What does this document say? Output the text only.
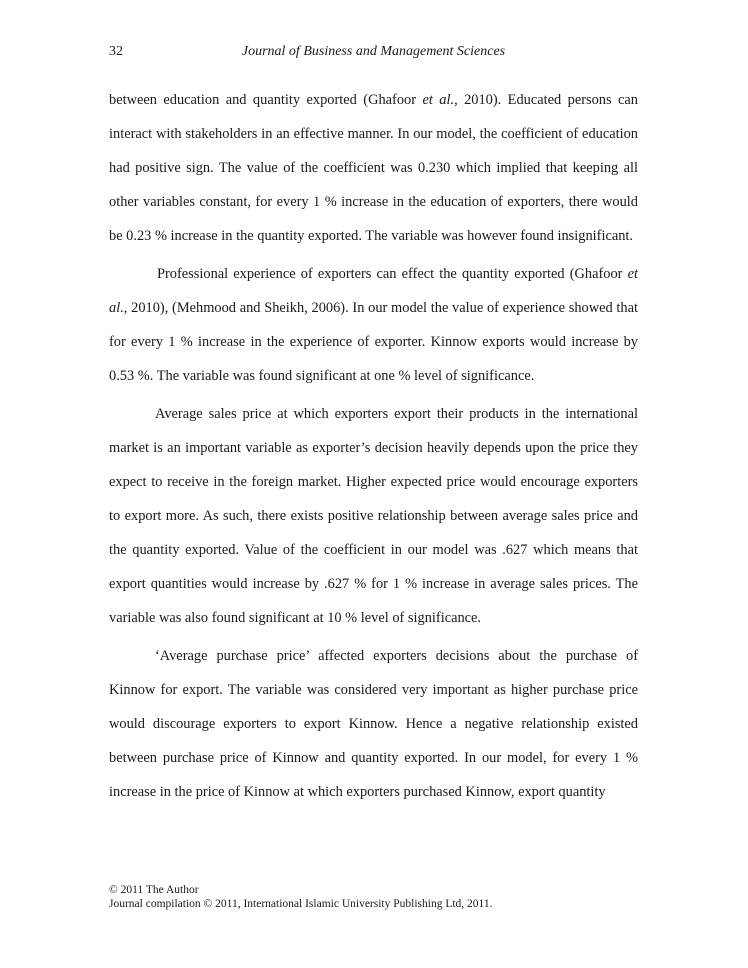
32	Journal of Business and Management Sciences

between education and quantity exported (Ghafoor et al., 2010). Educated persons can interact with stakeholders in an effective manner. In our model, the coefficient of education had positive sign. The value of the coefficient was 0.230 which implied that keeping all other variables constant, for every 1 % increase in the education of exporters, there would be 0.23 % increase in the quantity exported. The variable was however found insignificant.

Professional experience of exporters can effect the quantity exported (Ghafoor et al., 2010), (Mehmood and Sheikh, 2006). In our model the value of experience showed that for every 1 % increase in the experience of exporter. Kinnow exports would increase by 0.53 %. The variable was found significant at one % level of significance.

Average sales price at which exporters export their products in the international market is an important variable as exporter’s decision heavily depends upon the price they expect to receive in the foreign market. Higher expected price would encourage exporters to export more. As such, there exists positive relationship between average sales price and the quantity exported. Value of the coefficient in our model was .627 which means that export quantities would increase by .627 % for 1 % increase in average sales prices. The variable was also found significant at 10 % level of significance.

‘Average purchase price’ affected exporters decisions about the purchase of Kinnow for export. The variable was considered very important as higher purchase price would discourage exporters to export Kinnow. Hence a negative relationship existed between purchase price of Kinnow and quantity exported. In our model, for every 1 % increase in the price of Kinnow at which exporters purchased Kinnow, export quantity

© 2011 The Author
Journal compilation © 2011, International Islamic University Publishing Ltd, 2011.
